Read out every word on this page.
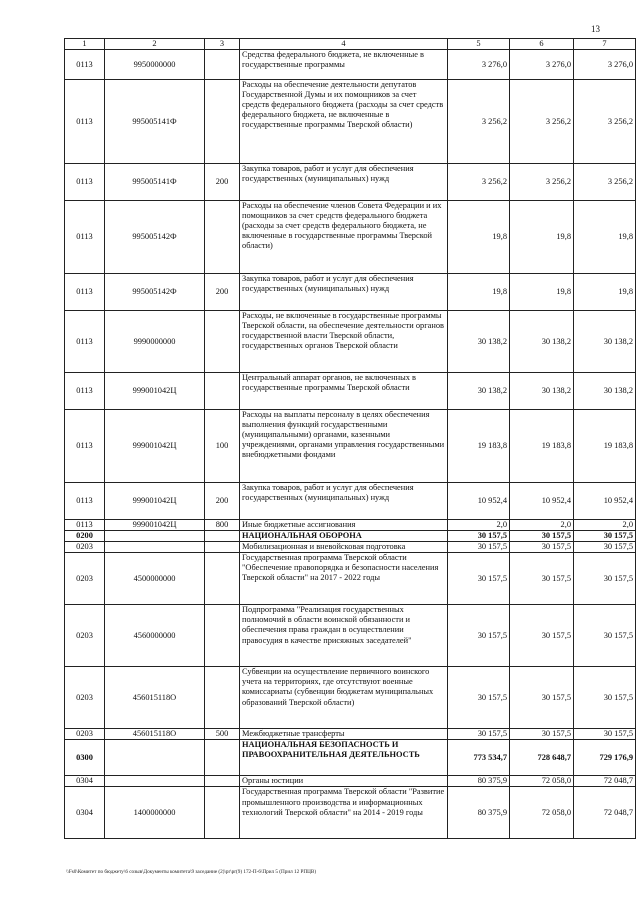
13
1	2	3	4	5	6	7
0113	9950000000		Средства федерального бюджета, не включенные в государственные программы	3 276,0	3 276,0	3 276,0
0113	995005141Ф		Расходы на обеспечение деятельности депутатов Государственной Думы и их помощников за счет средств федерального бюджета (расходы за счет средств федерального бюджета, не включенные в государственные программы Тверской области)	3 256,2	3 256,2	3 256,2
0113	995005141Ф	200	Закупка товаров, работ и услуг для обеспечения государственных (муниципальных) нужд	3 256,2	3 256,2	3 256,2
0113	995005142Ф		Расходы на обеспечение членов Совета Федерации и их помощников за счет средств федерального бюджета (расходы за счет средств федерального бюджета, не включенные в государственные программы Тверской области)	19,8	19,8	19,8
0113	995005142Ф	200	Закупка товаров, работ и услуг для обеспечения государственных (муниципальных) нужд	19,8	19,8	19,8
0113	9990000000		Расходы, не включенные в государственные программы Тверской области, на обеспечение деятельности органов государственной власти Тверской области, государственных органов Тверской области	30 138,2	30 138,2	30 138,2
0113	999001042Ц		Центральный аппарат органов, не включенных в государственные программы Тверской области	30 138,2	30 138,2	30 138,2
0113	999001042Ц	100	Расходы на выплаты персоналу в целях обеспечения выполнения функций государственными (муниципальными) органами, казенными учреждениями, органами управления государственными внебюджетными фондами	19 183,8	19 183,8	19 183,8
0113	999001042Ц	200	Закупка товаров, работ и услуг для обеспечения государственных (муниципальных) нужд	10 952,4	10 952,4	10 952,4
0113	999001042Ц	800	Иные бюджетные ассигнования	2,0	2,0	2,0
0200			НАЦИОНАЛЬНАЯ ОБОРОНА	30 157,5	30 157,5	30 157,5
0203			Мобилизационная и вневойсковая подготовка	30 157,5	30 157,5	30 157,5
0203	4500000000		Государственная программа Тверской области "Обеспечение правопорядка и безопасности населения Тверской области" на 2017 - 2022 годы	30 157,5	30 157,5	30 157,5
0203	4560000000		Подпрограмма "Реализация государственных полномочий в области воинской обязанности и обеспечения права граждан в осуществлении правосудия в качестве присяжных заседателей"	30 157,5	30 157,5	30 157,5
0203	456015118О		Субвенции на осуществление первичного воинского учета на территориях, где отсутствуют военные комиссариаты (субвенции бюджетам муниципальных образований Тверской области)	30 157,5	30 157,5	30 157,5
0203	456015118О	500	Межбюджетные трансферты	30 157,5	30 157,5	30 157,5
0300			НАЦИОНАЛЬНАЯ БЕЗОПАСНОСТЬ И ПРАВООХРАНИТЕЛЬНАЯ ДЕЯТЕЛЬНОСТЬ	773 534,7	728 648,7	729 176,9
0304			Органы юстиции	80 375,9	72 058,0	72 048,7
0304	1400000000		Государственная программа Тверской области "Развитие промышленного производства и информационных технологий Тверской области" на 2014 - 2019 годы	80 375,9	72 058,0	72 048,7
\\Fs0\Комитет по бюджету\6 созыв\Документы комитета\9 заседание (2)\pr\pr(9) 172-П-6\Прил 5 (Прил 12 РПЦВ)
